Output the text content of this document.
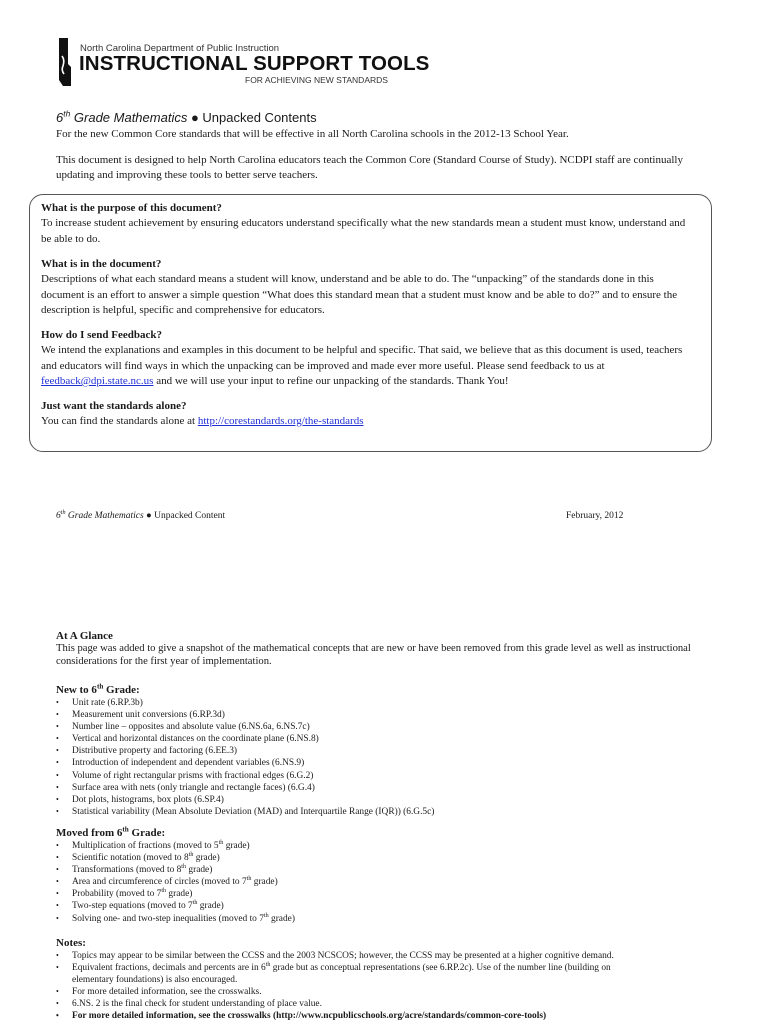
North Carolina Department of Public Instruction
INSTRUCTIONAL SUPPORT TOOLS
FOR ACHIEVING NEW STANDARDS
6th Grade Mathematics ● Unpacked Contents
For the new Common Core standards that will be effective in all North Carolina schools in the 2012-13 School Year.
This document is designed to help North Carolina educators teach the Common Core (Standard Course of Study). NCDPI staff are continually updating and improving these tools to better serve teachers.
What is the purpose of this document?
To increase student achievement by ensuring educators understand specifically what the new standards mean a student must know, understand and be able to do.
What is in the document?
Descriptions of what each standard means a student will know, understand and be able to do. The “unpacking” of the standards done in this document is an effort to answer a simple question “What does this standard mean that a student must know and be able to do?” and to ensure the description is helpful, specific and comprehensive for educators.
How do I send Feedback?
We intend the explanations and examples in this document to be helpful and specific. That said, we believe that as this document is used, teachers and educators will find ways in which the unpacking can be improved and made ever more useful. Please send feedback to us at feedback@dpi.state.nc.us and we will use your input to refine our unpacking of the standards. Thank You!
Just want the standards alone?
You can find the standards alone at http://corestandards.org/the-standards
6th Grade Mathematics ● Unpacked Content	February, 2012
At A Glance
This page was added to give a snapshot of the mathematical concepts that are new or have been removed from this grade level as well as instructional considerations for the first year of implementation.
New to 6th Grade:
• Unit rate (6.RP.3b)
• Measurement unit conversions (6.RP.3d)
• Number line – opposites and absolute value (6.NS.6a, 6.NS.7c)
• Vertical and horizontal distances on the coordinate plane (6.NS.8)
• Distributive property and factoring (6.EE.3)
• Introduction of independent and dependent variables (6.NS.9)
• Volume of right rectangular prisms with fractional edges (6.G.2)
• Surface area with nets (only triangle and rectangle faces) (6.G.4)
• Dot plots, histograms, box plots (6.SP.4)
• Statistical variability (Mean Absolute Deviation (MAD) and Interquartile Range (IQR)) (6.G.5c)
Moved from 6th Grade:
• Multiplication of fractions (moved to 5th grade)
• Scientific notation (moved to 8th grade)
• Transformations (moved to 8th grade)
• Area and circumference of circles (moved to 7th grade)
• Probability (moved to 7th grade)
• Two-step equations (moved to 7th grade)
• Solving one- and two-step inequalities (moved to 7th grade)
Notes:
• Topics may appear to be similar between the CCSS and the 2003 NCSCOS; however, the CCSS may be presented at a higher cognitive demand.
• Equivalent fractions, decimals and percents are in 6th grade but as conceptual representations (see 6.RP.2c). Use of the number line (building on
elementary foundations) is also encouraged.
• For more detailed information, see the crosswalks.
• 6.NS. 2 is the final check for student understanding of place value.
• For more detailed information, see the crosswalks (http://www.ncpublicschools.org/acre/standards/common-core-tools)
